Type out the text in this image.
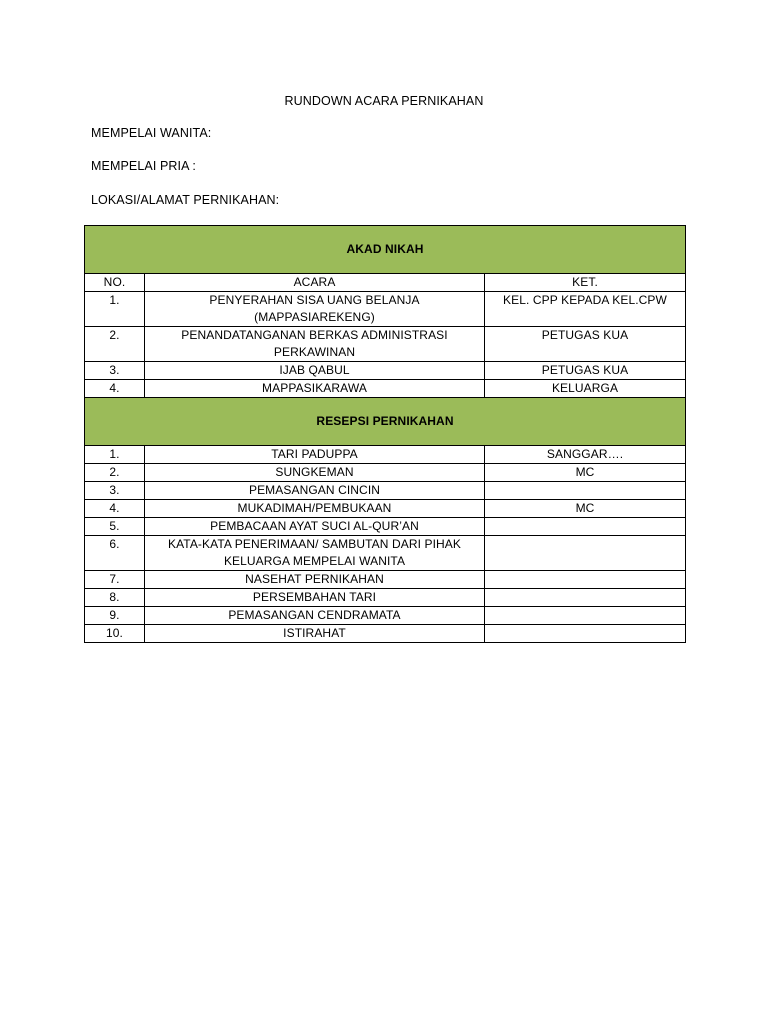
RUNDOWN ACARA PERNIKAHAN
MEMPELAI WANITA:
MEMPELAI PRIA :
LOKASI/ALAMAT PERNIKAHAN:
AKAD NIKAH		
NO.	ACARA	KET.
1.	PENYERAHAN SISA UANG BELANJA (MAPPASIAREKENG)	KEL. CPP KEPADA KEL.CPW
2.	PENANDATANGANAN BERKAS ADMINISTRASI PERKAWINAN	PETUGAS KUA
3.	IJAB QABUL	PETUGAS KUA
4.	MAPPASIKARAWA	KELUARGA
RESEPSI PERNIKAHAN		
1.	TARI PADUPPA	SANGGAR….
2.	SUNGKEMAN	MC
3.	PEMASANGAN CINCIN	
4.	MUKADIMAH/PEMBUKAAN	MC
5.	PEMBACAAN AYAT SUCI AL-QUR’AN	
6.	KATA-KATA PENERIMAAN/ SAMBUTAN DARI PIHAK KELUARGA MEMPELAI WANITA	
7.	NASEHAT PERNIKAHAN	
8.	PERSEMBAHAN TARI	
9.	PEMASANGAN CENDRAMATA	
10.	ISTIRAHAT	
